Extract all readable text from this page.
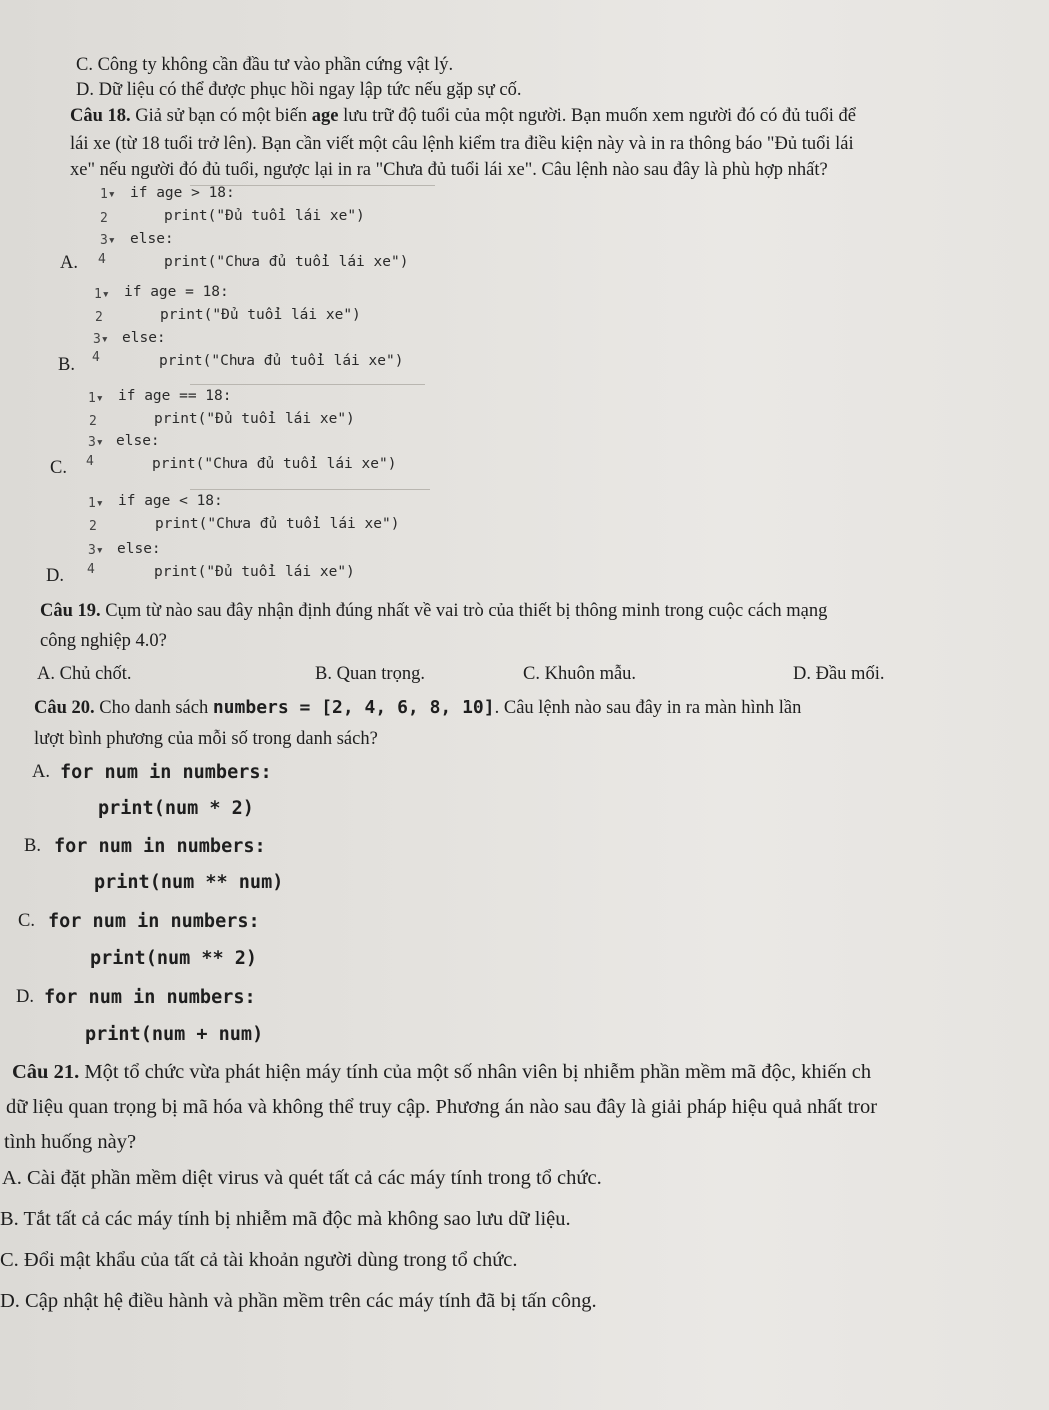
C. Công ty không cần đầu tư vào phần cứng vật lý.
D. Dữ liệu có thể được phục hồi ngay lập tức nếu gặp sự cố.
Câu 18. Giả sử bạn có một biến age lưu trữ độ tuổi của một người. Bạn muốn xem người đó có đủ tuổi để
lái xe (từ 18 tuổi trở lên). Bạn cần viết một câu lệnh kiểm tra điều kiện này và in ra thông báo "Đủ tuổi lái
xe" nếu người đó đủ tuổi, ngược lại in ra "Chưa đủ tuổi lái xe". Câu lệnh nào sau đây là phù hợp nhất?
1▾ if age > 18:
2	print("Đủ tuổi lái xe")
3▾ else:
A. 4	print("Chưa đủ tuổi lái xe")
1▾ if age = 18:
2	print("Đủ tuổi lái xe")
3▾ else:
B. 4	print("Chưa đủ tuổi lái xe")
1▾ if age == 18:
2	print("Đủ tuổi lái xe")
3▾ else:
C. 4	print("Chưa đủ tuổi lái xe")
1▾ if age < 18:
2	print("Chưa đủ tuổi lái xe")
3▾ else:
D. 4	print("Đủ tuổi lái xe")
Câu 19. Cụm từ nào sau đây nhận định đúng nhất về vai trò của thiết bị thông minh trong cuộc cách mạng
công nghiệp 4.0?
A. Chủ chốt.	B. Quan trọng.	C. Khuôn mẫu.	D. Đầu mối.
Câu 20. Cho danh sách numbers = [2, 4, 6, 8, 10]. Câu lệnh nào sau đây in ra màn hình lần
lượt bình phương của mỗi số trong danh sách?
A. for num in numbers:
print(num * 2)
B. for num in numbers:
print(num ** num)
C. for num in numbers:
print(num ** 2)
D. for num in numbers:
print(num + num)
Câu 21. Một tổ chức vừa phát hiện máy tính của một số nhân viên bị nhiễm phần mềm mã độc, khiến ch
dữ liệu quan trọng bị mã hóa và không thể truy cập. Phương án nào sau đây là giải pháp hiệu quả nhất tror
tình huống này?
A. Cài đặt phần mềm diệt virus và quét tất cả các máy tính trong tổ chức.
B. Tắt tất cả các máy tính bị nhiễm mã độc mà không sao lưu dữ liệu.
C. Đổi mật khẩu của tất cả tài khoản người dùng trong tổ chức.
D. Cập nhật hệ điều hành và phần mềm trên các máy tính đã bị tấn công.
